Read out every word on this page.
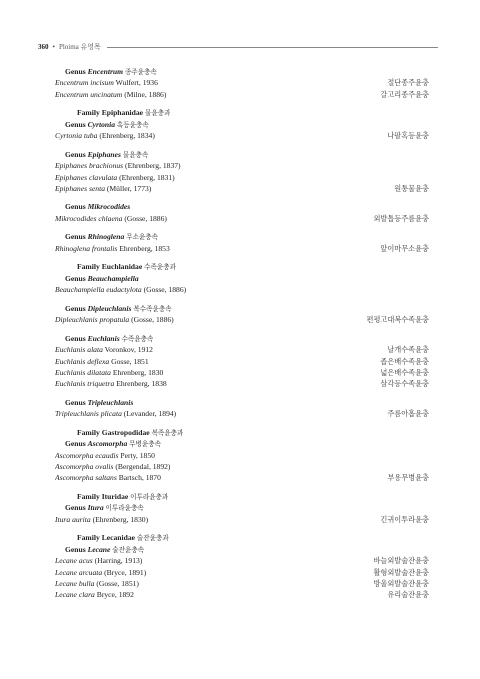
360 • Ploima 유영목
Genus Encentrum 종주윤충속
Encentrum incisum Wulfert, 1936	절단종주윤충
Encentrum uncinatum (Milne, 1886)	갈고리종주윤충
Family Epiphanidae 물윤충과
Genus Cyrtonia 혹등윤충속
Cyrtonia tuba (Ehrenberg, 1834)	나팔혹등윤충
Genus Epiphanes 물윤충속
Epiphanes brachionus (Ehrenberg, 1837)
Epiphanes clavulata (Ehrenberg, 1831)
Epiphanes senta (Müller, 1773)	원통물윤충
Genus Mikrocodides
Mikrocodides chlaena (Gosse, 1886)	외발톱등주름윤충
Genus Rhinoglena 무소윤충속
Rhinoglena frontalis Ehrenberg, 1853	앞이마무소윤충
Family Euchlanidae 수족윤충과
Genus Beauchampiella
Beauchampiella eudactylota (Gosse, 1886)
Genus Dipleuchlanis 복수족윤충속
Dipleuchlanis propatula (Gosse, 1886)	편평고대복수족윤충
Genus Euchlanis 수족윤충속
Euchlanis alata Voronkov, 1912	날개수족윤충
Euchlanis deflexa Gosse, 1851	좁은배수족윤충
Euchlanis dilatata Ehrenberg, 1830	넓은배수족윤충
Euchlanis triquetra Ehrenberg, 1838	삼각등수족윤충
Genus Tripleuchlanis
Tripleuchlanis plicata (Levander, 1894)	주름아홉윤충
Family Gastropodidae 복족윤충과
Genus Ascomorpha 무병윤충속
Ascomorpha ecaudis Perty, 1850
Ascomorpha ovalis (Bergendal, 1892)
Ascomorpha saltans Bartsch, 1870	부용무병윤충
Family Ituridae 이투라윤충과
Genus Itura 이투라윤충속
Itura aurita (Ehrenberg, 1830)	긴귀이투라윤충
Family Lecanidae 술잔윤충과
Genus Lecane 술잔윤충속
Lecane acus (Harring, 1913)	바늘외발술잔윤충
Lecane arcuata (Bryce, 1891)	활형외발술잔윤충
Lecane bulla (Gosse, 1851)	방울외발술잔윤충
Lecane clara Bryce, 1892	유리술잔윤충
